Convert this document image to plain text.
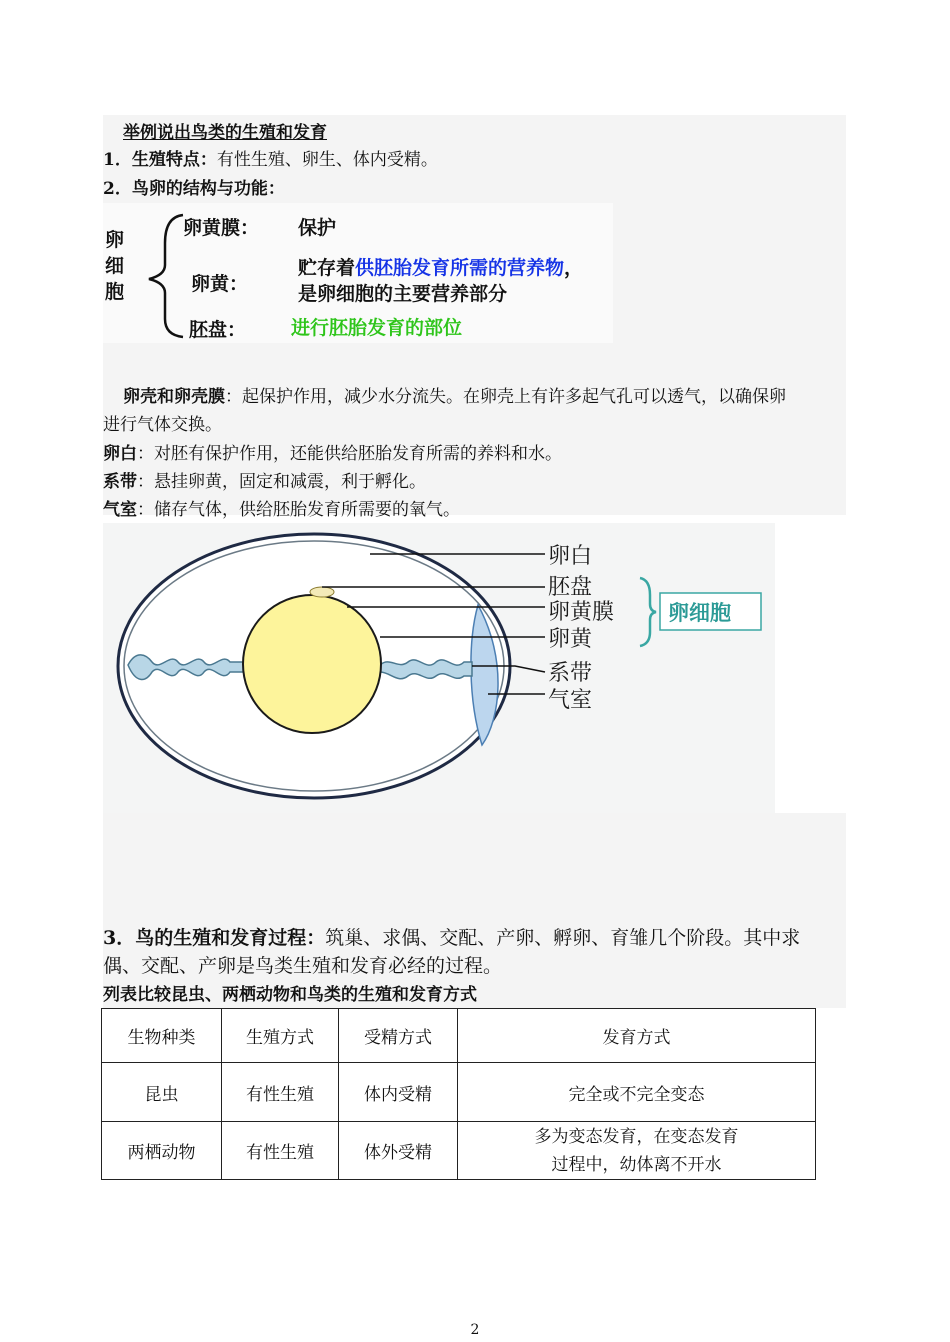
举例说出鸟类的生殖和发育
1．生殖特点：有性生殖、卵生、体内受精。
2．鸟卵的结构与功能：
卵细胞
卵黄膜： 保护
卵黄：
贮存着供胚胎发育所需的营养物，
是卵细胞的主要营养部分
胚盘： 进行胚胎发育的部位
卵壳和卵壳膜：起保护作用，减少水分流失。在卵壳上有许多起气孔可以透气，以确保卵
进行气体交换。
卵白：对胚有保护作用，还能供给胚胎发育所需的养料和水。
系带：悬挂卵黄，固定和减震，利于孵化。
气室：储存气体，供给胚胎发育所需要的氧气。
卵白
胚盘
卵黄膜
卵黄
系带
气室
卵细胞
3．鸟的生殖和发育过程：筑巢、求偶、交配、产卵、孵卵、育雏几个阶段。其中求
偶、交配、产卵是鸟类生殖和发育必经的过程。
列表比较昆虫、两栖动物和鸟类的生殖和发育方式
生物种类	生殖方式	受精方式	发育方式
昆虫	有性生殖	体内受精	完全或不完全变态
两栖动物	有性生殖	体外受精	多为变态发育，在变态发育
过程中，幼体离不开水
2
